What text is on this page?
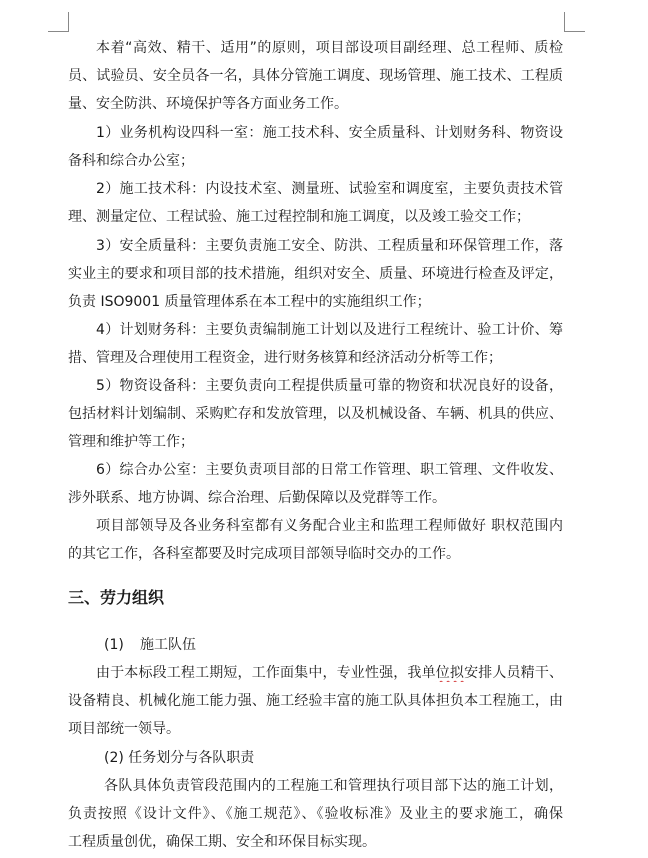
本着“高效、精干、适用”的原则，项目部设项目副经理、总工程师、质检
员、试验员、安全员各一名，具体分管施工调度、现场管理、施工技术、工程质
量、安全防洪、环境保护等各方面业务工作。
1）业务机构设四科一室：施工技术科、安全质量科、计划财务科、物资设
备科和综合办公室；
2）施工技术科：内设技术室、测量班、试验室和调度室，主要负责技术管
理、测量定位、工程试验、施工过程控制和施工调度，以及竣工验交工作；
3）安全质量科：主要负责施工安全、防洪、工程质量和环保管理工作，落
实业主的要求和项目部的技术措施，组织对安全、质量、环境进行检查及评定，
负责 ISO9001 质量管理体系在本工程中的实施组织工作；
4）计划财务科：主要负责编制施工计划以及进行工程统计、验工计价、筹
措、管理及合理使用工程资金，进行财务核算和经济活动分析等工作；
5）物资设备科：主要负责向工程提供质量可靠的物资和状况良好的设备，
包括材料计划编制、采购贮存和发放管理，以及机械设备、车辆、机具的供应、
管理和维护等工作；
6）综合办公室：主要负责项目部的日常工作管理、职工管理、文件收发、
涉外联系、地方协调、综合治理、后勤保障以及党群等工作。
项目部领导及各业务科室都有义务配合业主和监理工程师做好 职权范围内
的其它工作，各科室都要及时完成项目部领导临时交办的工作。
三、劳力组织
(1) 施工队伍
由于本标段工程工期短，工作面集中，专业性强，我单位拟安排人员精干、
设备精良、机械化施工能力强、施工经验丰富的施工队具体担负本工程施工，由
项目部统一领导。
(2) 任务划分与各队职责
各队具体负责管段范围内的工程施工和管理执行项目部下达的施工计划，
负责按照《设计文件》、《施工规范》、《验收标准》及业主的要求施工，确保
工程质量创优，确保工期、安全和环保目标实现。
